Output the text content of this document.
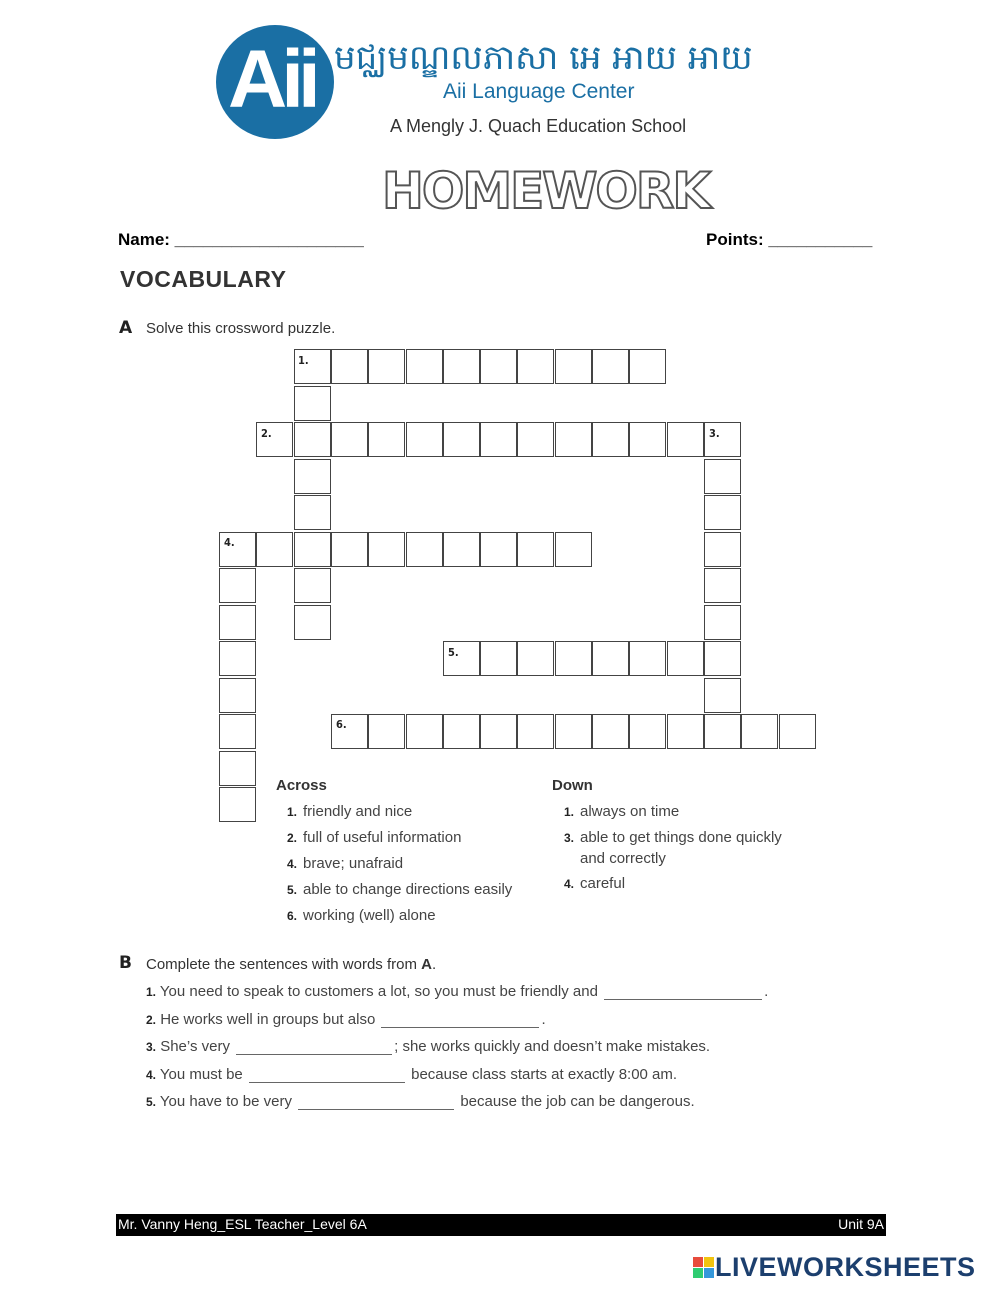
Aii មជ្ឈមណ្ឌលភាសា អេ អាយ អាយ
Aii Language Center
A Mengly J. Quach Education School
HOMEWORK
Name: ____________________	Points: ___________
VOCABULARY
A Solve this crossword puzzle.
1.
2.	3.
4.
5.
6.
Across
1. friendly and nice
2. full of useful information
4. brave; unafraid
5. able to change directions easily
6. working (well) alone
Down
1. always on time
3. able to get things done quickly
and correctly
4. careful
B Complete the sentences with words from A.
1. You need to speak to customers a lot, so you must be friendly and	.
2. He works well in groups but also	.
3. She’s very	; she works quickly and doesn’t make mistakes.
4. You must be	because class starts at exactly 8:00 am.
5. You have to be very	because the job can be dangerous.
Mr. Vanny Heng_ESL Teacher_Level 6A	Unit 9A
LIVEWORKSHEETS
